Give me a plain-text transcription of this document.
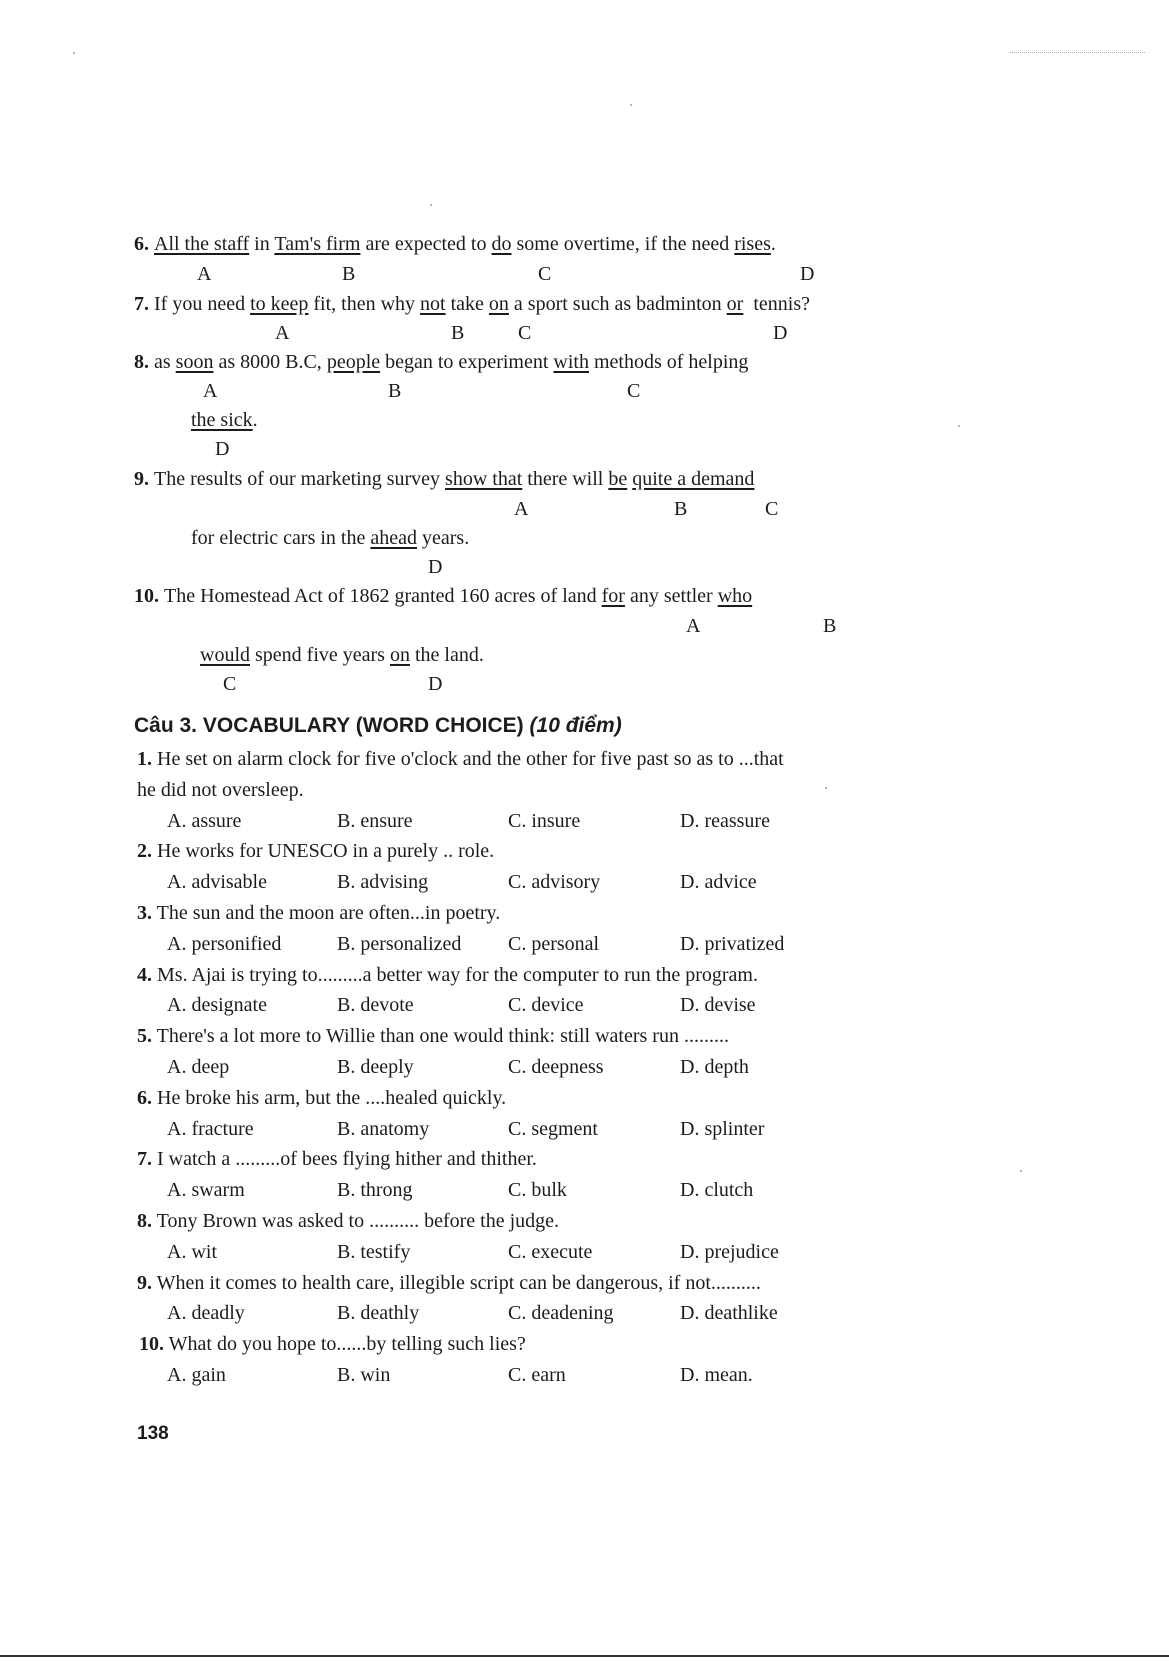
6. All the staff in Tam's firm are expected to do some overtime, if the need rises.
A	B	C	D
7. If you need to keep fit, then why not take on a sport such as badminton or  tennis?
A	B	C	D
8. as soon as 8000 B.C, people began to experiment with methods of helping
A	B	C
the sick.
D
9. The results of our marketing survey show that there will be quite a demand
A	B	C
for electric cars in the ahead years.
D
10. The Homestead Act of 1862 granted 160 acres of land for any settler who
A	B
would spend five years on the land.
C	D
Câu 3. VOCABULARY (WORD CHOICE) (10 điểm)
1. He set on alarm clock for five o'clock and the other for five past so as to ...that
he did not oversleep.
A. assure	B. ensure	C. insure	D. reassure
2. He works for UNESCO in a purely .. role.
A. advisable	B. advising	C. advisory	D. advice
3. The sun and the moon are often...in poetry.
A. personified	B. personalized C. personal	D. privatized
4. Ms. Ajai is trying to.........a better way for the computer to run the program.
A. designate	B. devote	C. device	D. devise
5. There's a lot more to Willie than one would think: still waters run .........
A. deep	B. deeply	C. deepness	D. depth
6. He broke his arm, but the ....healed quickly.
A. fracture	B. anatomy	C. segment	D. splinter
7. I watch a .........of bees flying hither and thither.
A. swarm	B. throng	C. bulk	D. clutch
8. Tony Brown was asked to .......... before the judge.
A. wit	B. testify	C. execute	D. prejudice
9. When it comes to health care, illegible script can be dangerous, if not..........
A. deadly	B. deathly	C. deadening	D. deathlike
10. What do you hope to......by telling such lies?
A. gain	B. win	C. earn	D. mean.
138
